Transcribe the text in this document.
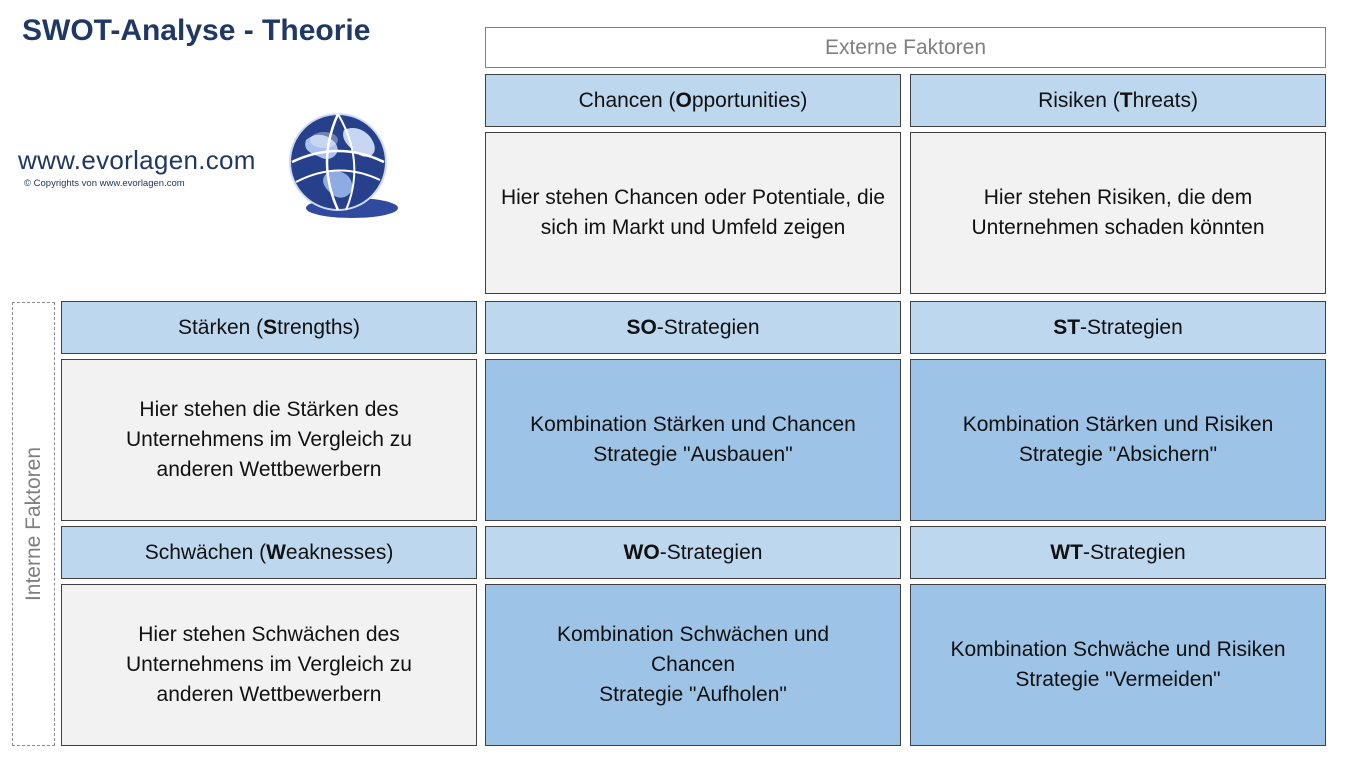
SWOT-Analyse - Theorie
www.evorlagen.com
© Copyrights von www.evorlagen.com
Externe Faktoren
Chancen ( O pportunities)
Hier stehen Chancen oder Potentiale, die sich im Markt und Umfeld zeigen
Risiken ( T hreats)
Hier stehen Risiken, die dem Unternehmen schaden könnten
Interne Faktoren
Stärken ( S trengths)
Hier stehen die Stärken des Unternehmens im Vergleich zu anderen Wettbewerbern
SO -Strategien
Kombination Stärken und Chancen
Strategie "Ausbauen"
ST -Strategien
Kombination Stärken und Risiken
Strategie "Absichern"
Schwächen ( W eaknesses)
Hier stehen Schwächen des Unternehmens im Vergleich zu anderen Wettbewerbern
WO -Strategien
Kombination Schwächen und Chancen
Strategie "Aufholen"
WT -Strategien
Kombination Schwäche und Risiken
Strategie "Vermeiden"
